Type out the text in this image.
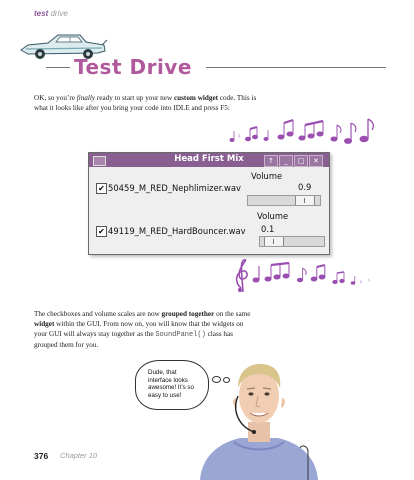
test drive
Test Drive
OK, so you’re finally ready to start up your new custom widget code. This is what it looks like after you bring your code into IDLE and press F5:
♮
Head First Mix	↑	_	□	✕
Volume
✔ 50459_M_RED_Nephlimizer.wav	0.9
Volume
✔ 49119_M_RED_HardBouncer.wav 0.1
♮ ♮
The checkboxes and volume scales are now grouped together on the same widget within the GUI. From now on, you will know that the widgets on your GUI will always stay together as the SoundPanel() class has grouped them for you.
Dude, that interface looks awesome! It’s so easy to use!
376 Chapter 10
